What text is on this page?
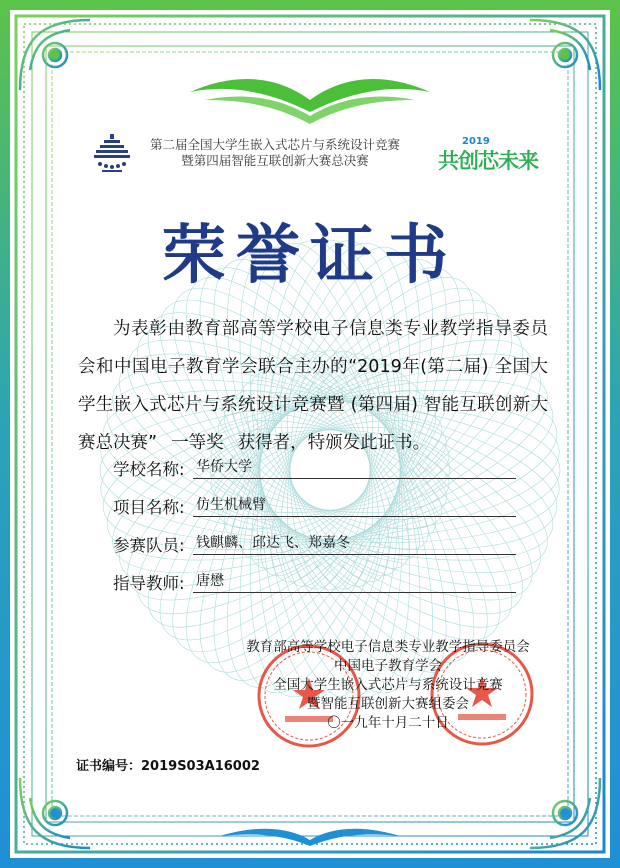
第二届全国大学生嵌入式芯片与系统设计竞赛
暨第四届智能互联创新大赛总决赛
2019
共创芯未来
荣誉证书

为表彰由教育部高等学校电子信息类专业教学指导委员会和中国电子教育学会联合主办的“2019年(第二届) 全国大学生嵌入式芯片与系统设计竞赛暨 (第四届) 智能互联创新大赛总决赛” 一等奖 获得者，特颁发此证书。

学校名称: 华侨大学
项目名称: 仿生机械臂
参赛队员: 钱麒麟、邱达飞、郑嘉冬
指导教师: 唐懋
教育部高等学校电子信息类专业教学指导委员会
中国电子教育学会
全国大学生嵌入式芯片与系统设计竞赛
暨智能互联创新大赛组委会
〇一九年十月二十日
证书编号：2019S03A16002
